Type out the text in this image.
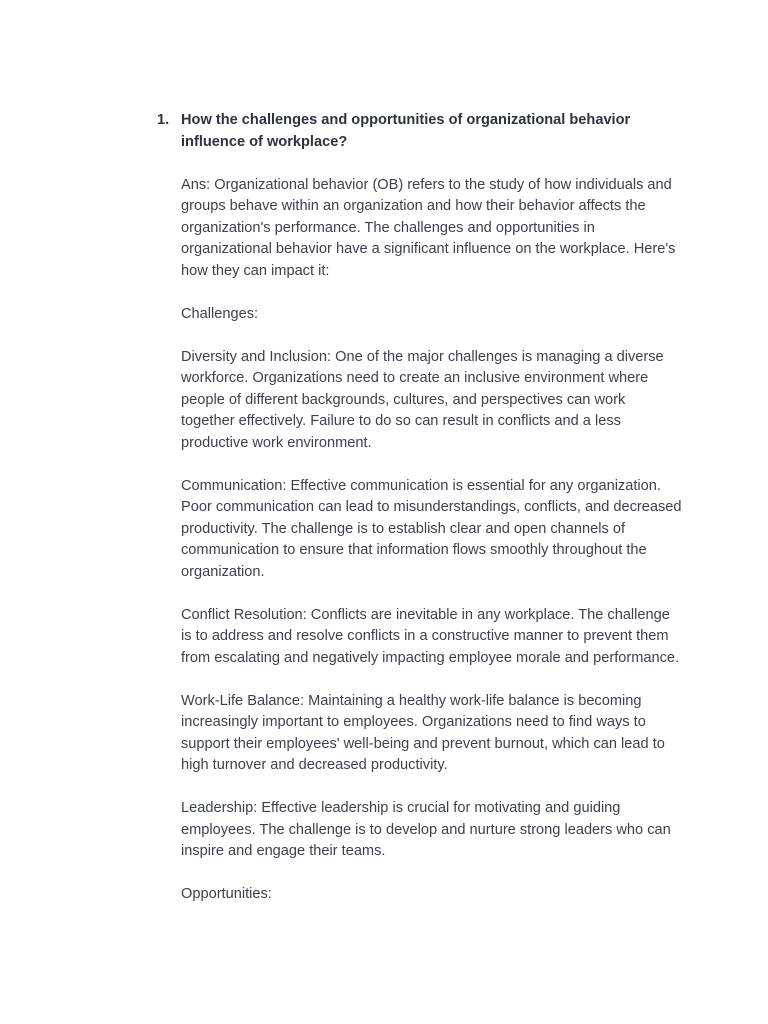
1. How the challenges and opportunities of organizational behavior influence of workplace?

Ans: Organizational behavior (OB) refers to the study of how individuals and groups behave within an organization and how their behavior affects the organization's performance. The challenges and opportunities in organizational behavior have a significant influence on the workplace. Here's how they can impact it:

Challenges:

Diversity and Inclusion: One of the major challenges is managing a diverse workforce. Organizations need to create an inclusive environment where people of different backgrounds, cultures, and perspectives can work together effectively. Failure to do so can result in conflicts and a less productive work environment.

Communication: Effective communication is essential for any organization. Poor communication can lead to misunderstandings, conflicts, and decreased productivity. The challenge is to establish clear and open channels of communication to ensure that information flows smoothly throughout the organization.

Conflict Resolution: Conflicts are inevitable in any workplace. The challenge is to address and resolve conflicts in a constructive manner to prevent them from escalating and negatively impacting employee morale and performance.

Work-Life Balance: Maintaining a healthy work-life balance is becoming increasingly important to employees. Organizations need to find ways to support their employees' well-being and prevent burnout, which can lead to high turnover and decreased productivity.

Leadership: Effective leadership is crucial for motivating and guiding employees. The challenge is to develop and nurture strong leaders who can inspire and engage their teams.

Opportunities:
